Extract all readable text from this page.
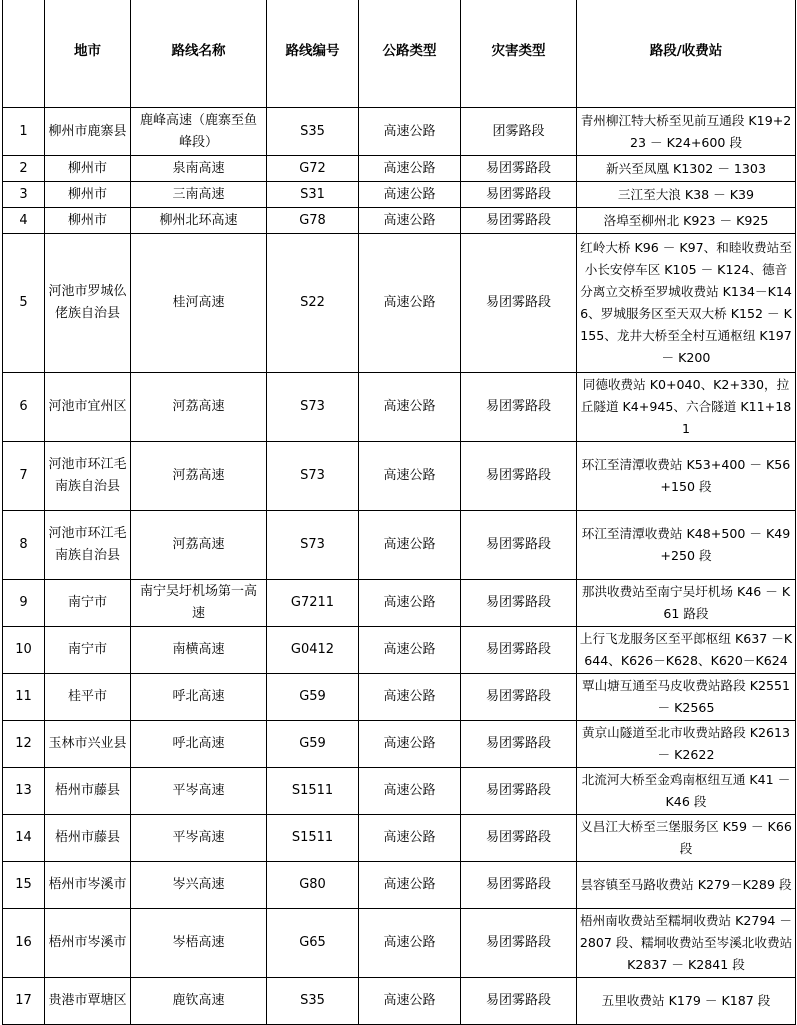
	地市	路线名称	路线编号	公路类型	灾害类型	路段/收费站
1	柳州市鹿寨县	鹿峰高速（鹿寨至鱼峰段）	S35	高速公路	团雾路段	青州柳江特大桥至见前互通段 K19+223 － K24+600 段
2	柳州市	泉南高速	G72	高速公路	易团雾路段	新兴至凤凰 K1302 － 1303
3	柳州市	三南高速	S31	高速公路	易团雾路段	三江至大浪 K38 － K39
4	柳州市	柳州北环高速	G78	高速公路	易团雾路段	洛埠至柳州北 K923 － K925
5	河池市罗城仫佬族自治县	桂河高速	S22	高速公路	易团雾路段	红岭大桥 K96 － K97、和睦收费站至小长安停车区 K105 － K124、德音分离立交桥至罗城收费站 K134－K146、罗城服务区至天双大桥 K152 － K155、龙井大桥至全村互通枢纽 K197 － K200
6	河池市宜州区	河荔高速	S73	高速公路	易团雾路段	同德收费站 K0+040、K2+330，拉丘隧道 K4+945、六合隧道 K11+181
7	河池市环江毛南族自治县	河荔高速	S73	高速公路	易团雾路段	环江至清潭收费站 K53+400 － K56+150 段
8	河池市环江毛南族自治县	河荔高速	S73	高速公路	易团雾路段	环江至清潭收费站 K48+500 － K49+250 段
9	南宁市	南宁吴圩机场第一高速	G7211	高速公路	易团雾路段	那洪收费站至南宁吴圩机场 K46 － K61 路段
10	南宁市	南横高速	G0412	高速公路	易团雾路段	上行飞龙服务区至平郎枢纽 K637 －K644、K626－K628、K620－K624
11	桂平市	呼北高速	G59	高速公路	易团雾路段	覃山塘互通至马皮收费站路段 K2551 － K2565
12	玉林市兴业县	呼北高速	G59	高速公路	易团雾路段	黄京山隧道至北市收费站路段 K2613 － K2622
13	梧州市藤县	平岑高速	S1511	高速公路	易团雾路段	北流河大桥至金鸡南枢纽互通 K41 － K46 段
14	梧州市藤县	平岑高速	S1511	高速公路	易团雾路段	义昌江大桥至三堡服务区 K59 － K66 段
15	梧州市岑溪市	岑兴高速	G80	高速公路	易团雾路段	昙容镇至马路收费站 K279－K289 段
16	梧州市岑溪市	岑梧高速	G65	高速公路	易团雾路段	梧州南收费站至糯垌收费站 K2794 － 2807 段、糯垌收费站至岑溪北收费站 K2837 － K2841 段
17	贵港市覃塘区	鹿钦高速	S35	高速公路	易团雾路段	五里收费站 K179 － K187 段
